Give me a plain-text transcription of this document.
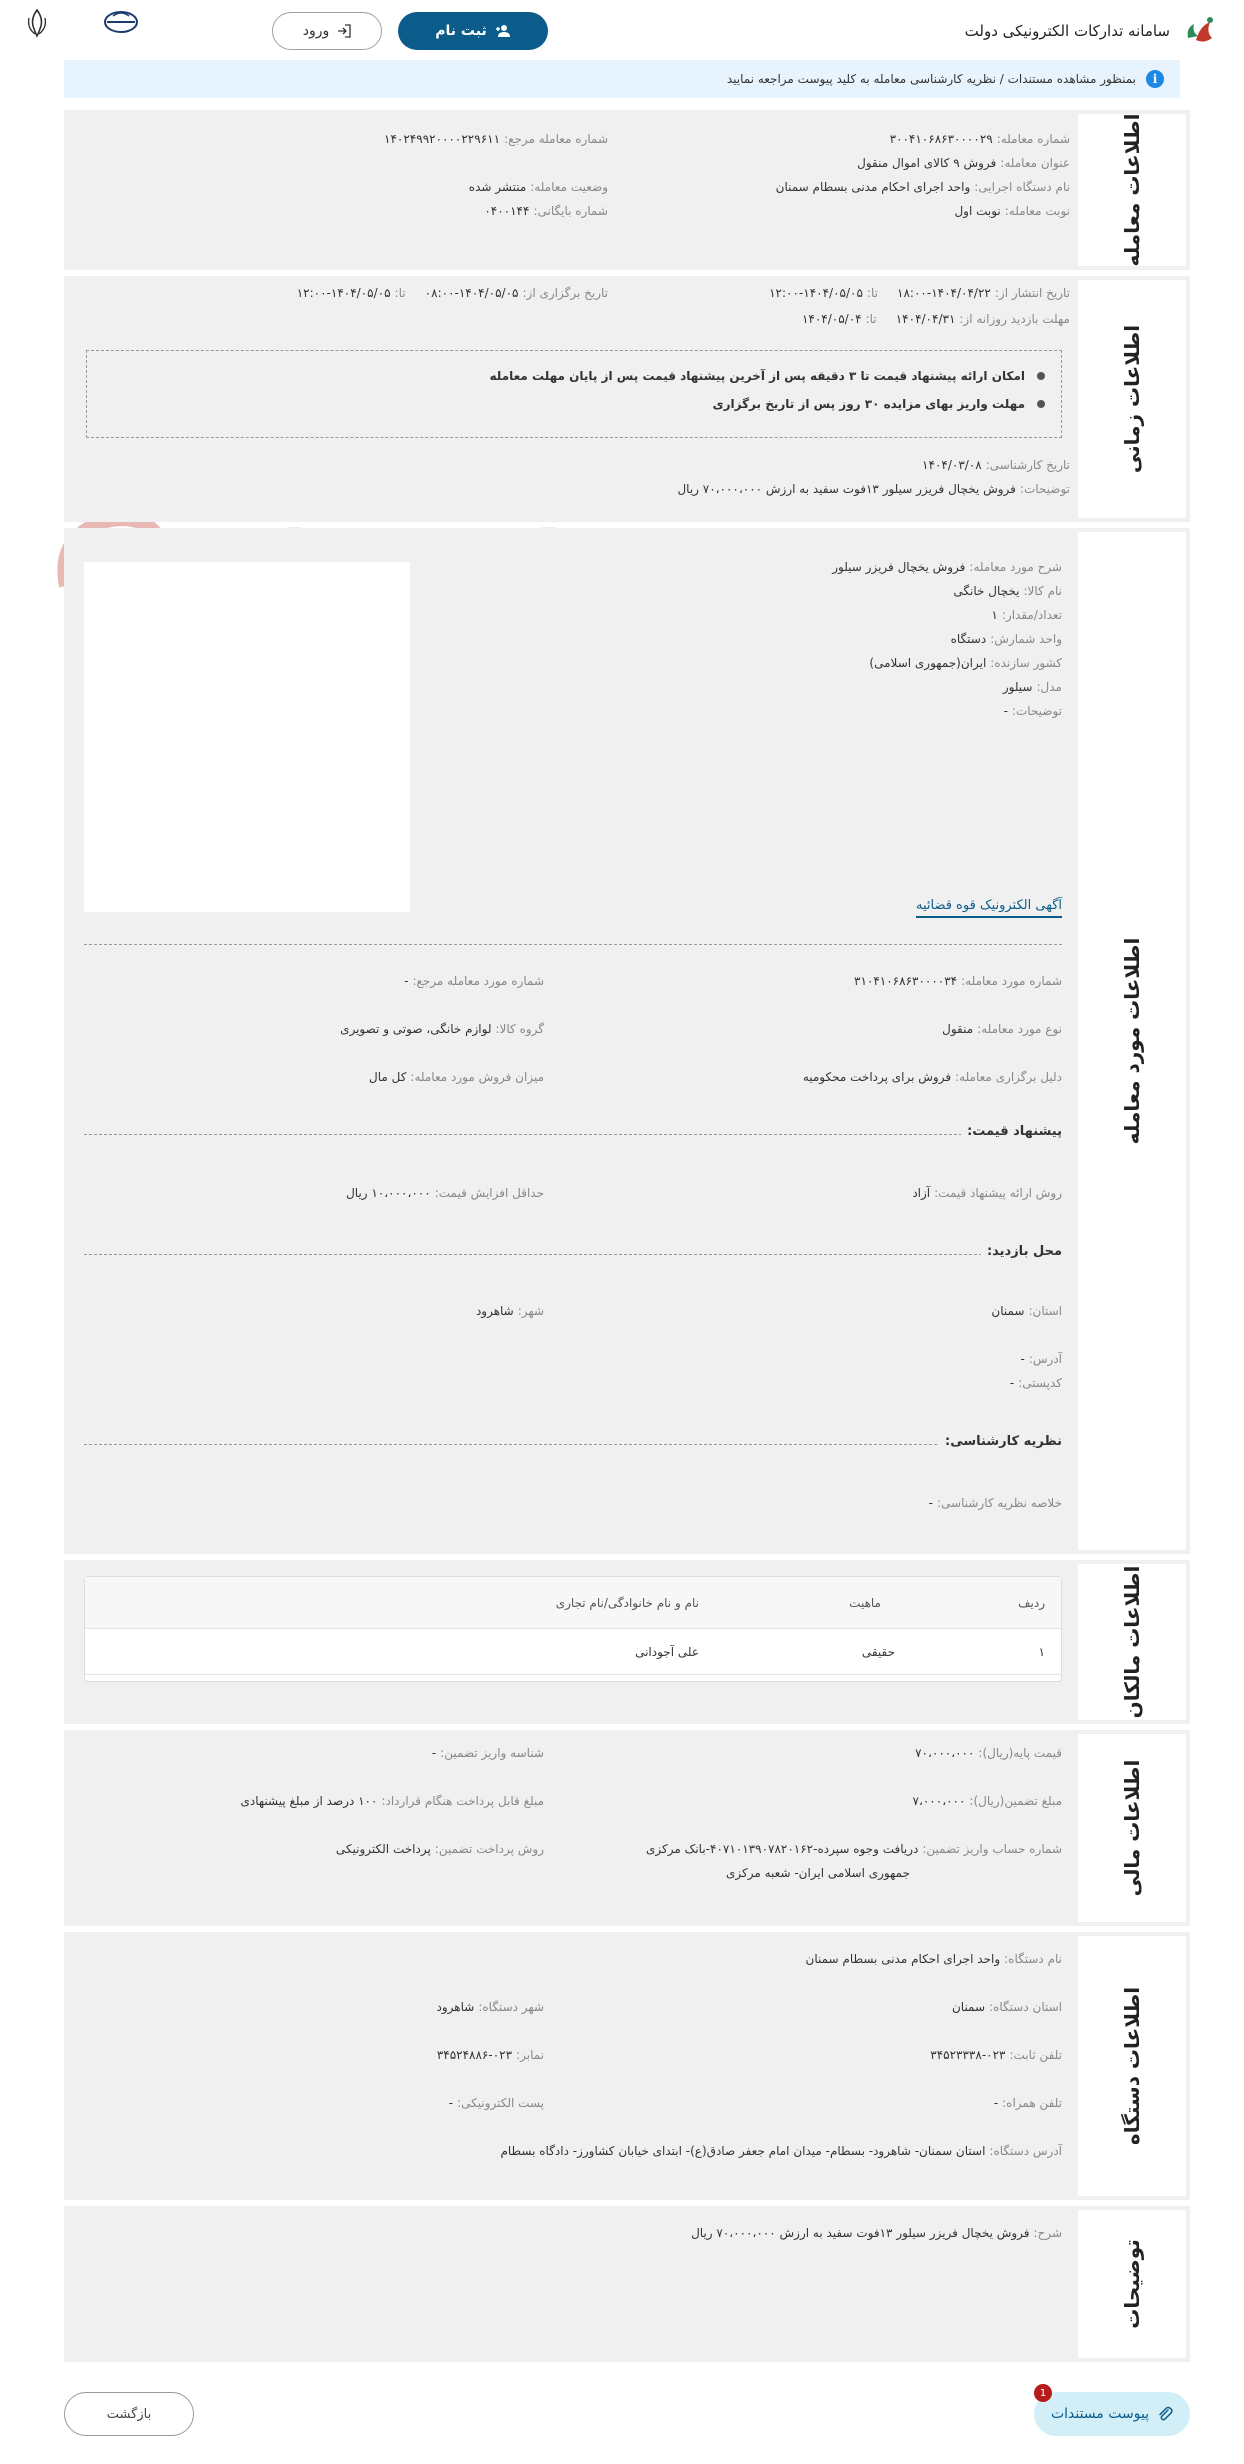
سامانه تدارکات الکترونیکی دولت
ثبت نام
ورود
i
بمنظور مشاهده مستندات / نظریه کارشناسی معامله به کلید پیوست مراجعه نمایید
اطلاعات معامله
شماره معامله:۳۰۰۴۱۰۶۸۶۳۰۰۰۰۲۹
شماره معامله مرجع:۱۴۰۲۴۹۹۲۰۰۰۰۲۲۹۶۱۱
عنوان معامله:فروش ۹ کالای اموال منقول
نام دستگاه اجرایی:واحد اجرای احکام مدنی بسطام سمنان
وضعیت معامله:منتشر شده
نوبت معامله:نوبت اول
شماره بایگانی:۰۴۰۰۱۴۴
اطلاعات زمانی
تاریخ انتشار از:۱۴۰۴/۰۴/۲۲-۱۸:۰۰     تا:۱۴۰۴/۰۵/۰۵-۱۲:۰۰
تاریخ برگزاری از:۱۴۰۴/۰۵/۰۵-۰۸:۰۰     تا:۱۴۰۴/۰۵/۰۵-۱۲:۰۰
مهلت بازدید روزانه از:۱۴۰۴/۰۴/۳۱     تا:۱۴۰۴/۰۵/۰۴
امکان ارائه پیشنهاد قیمت تا ۳ دقیقه پس از آخرین پیشنهاد قیمت پس از پایان مهلت معامله
مهلت واریز بهای مزایده ۳۰ روز پس از تاریخ برگزاری
تاریخ کارشناسی:۱۴۰۴/۰۳/۰۸
توضیحات:فروش یخچال فریزر سیلور ۱۳فوت سفید به ارزش ۷۰،۰۰۰،۰۰۰ ریال
اطلاعات مورد معامله
شرح مورد معامله:فروش یخچال فریزر سیلور
نام کالا:یخچال خانگی
تعداد/مقدار:۱
واحد شمارش:دستگاه
کشور سازنده:ایران(جمهوری اسلامی)
مدل:سیلور
توضیحات:-
آگهی الکترونیک قوه قضائیه
شماره مورد معامله:۳۱۰۴۱۰۶۸۶۳۰۰۰۰۳۴
شماره مورد معامله مرجع:-
نوع مورد معامله:منقول
گروه کالا:لوازم خانگی، صوتی و تصویری
دلیل برگزاری معامله:فروش برای پرداخت محکومیه
میزان فروش مورد معامله:کل مال
پیشنهاد قیمت:
روش ارائه پیشنهاد قیمت:آزاد
حداقل افزایش قیمت:۱۰،۰۰۰،۰۰۰ ریال
محل بازدید:
استان:سمنان
شهر:شاهرود
آدرس:-
کدپستی:-
نظریه کارشناسی:
خلاصه نظریه کارشناسی:-
اطلاعات مالکان
ردیف
ماهیت
نام و نام خانوادگی/نام تجاری
۱
حقیقی
علی آجودانی
اطلاعات مالی
قیمت پایه(ریال):۷۰،۰۰۰،۰۰۰
شناسه واریز تضمین:-
مبلغ تضمین(ریال):۷،۰۰۰،۰۰۰
مبلغ قابل پرداخت هنگام قرارداد:۱۰۰ درصد از مبلغ پیشنهادی
شماره حساب واریز تضمین:دریافت وجوه سپرده-۴۰۷۱۰۱۳۹۰۷۸۲۰۱۶۲-بانک مرکزی
جمهوری اسلامی ایران- شعبه مرکزی
روش پرداخت تضمین:پرداخت الکترونیکی
اطلاعات دستگاه
نام دستگاه:واحد اجرای احکام مدنی بسطام سمنان
استان دستگاه:سمنان
شهر دستگاه:شاهرود
تلفن ثابت:۰۲۳-۳۴۵۲۳۳۳۸
نمابر:۰۲۳-۳۴۵۲۴۸۸۶
تلفن همراه:-
پست الکترونیکی:-
آدرس دستگاه:استان سمنان- شاهرود- بسطام- میدان امام جعفر صادق(ع)- ابتدای خیابان کشاورز- دادگاه بسطام
توضیحات
شرح:فروش یخچال فریزر سیلور ۱۳فوت سفید به ارزش ۷۰،۰۰۰،۰۰۰ ریال
بازگشت	پیوست مستندات
1
